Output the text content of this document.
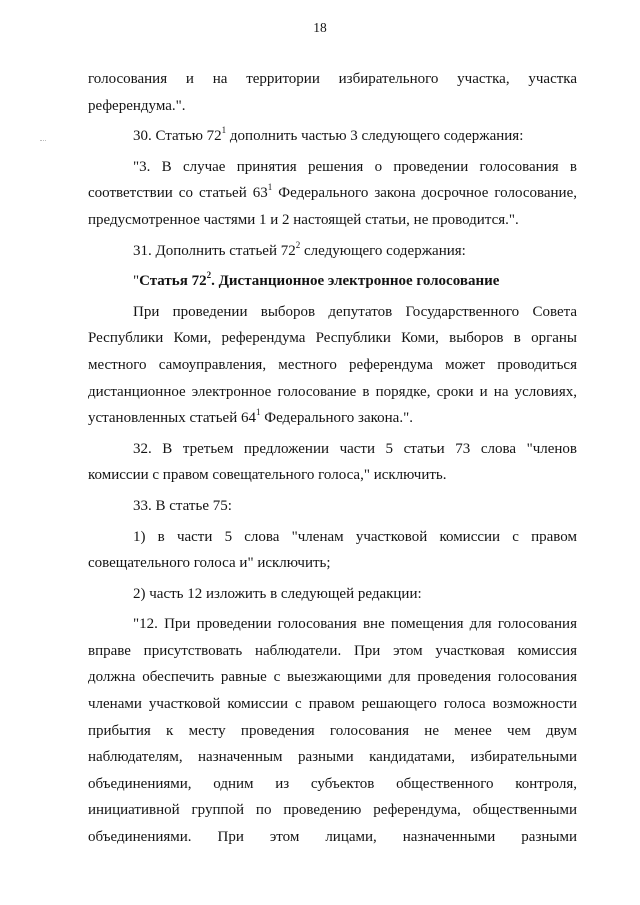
18

голосования и на территории избирательного участка, участка

референдума.".

30. Статью $72^1$ дополнить частью 3 следующего содержания:

"3. В случае принятия решения о проведении голосования в

соответствии со статьей $63^1$ Федерального закона досрочное голосование,

предусмотренное частями 1 и 2 настоящей статьи, не проводится.".

31. Дополнить статьей $72^2$ следующего содержания:

"Статья $72^2$. Дистанционное электронное голосование

При проведении выборов депутатов Государственного Совета

Республики Коми, референдума Республики Коми, выборов в органы

местного самоуправления, местного референдума может проводиться

дистанционное электронное голосование в порядке, сроки и на условиях,

установленных статьей $64^1$ Федерального закона.".

32. В третьем предложении части 5 статьи 73 слова "членов

комиссии с правом совещательного голоса," исключить.

33. В статье 75:

1) в части 5 слова "членам участковой комиссии с правом

совещательного голоса и" исключить;

2) часть 12 изложить в следующей редакции:

"12. При проведении голосования вне помещения для голосования

вправе присутствовать наблюдатели. При этом участковая комиссия

должна обеспечить равные с выезжающими для проведения голосования

членами участковой комиссии с правом решающего голоса возможности

прибытия к месту проведения голосования не менее чем двум

наблюдателям, назначенным разными кандидатами, избирательными

объединениями, одним из субъектов общественного контроля,

инициативной группой по проведению референдума, общественными

объединениями. При этом лицами, назначенными разными
